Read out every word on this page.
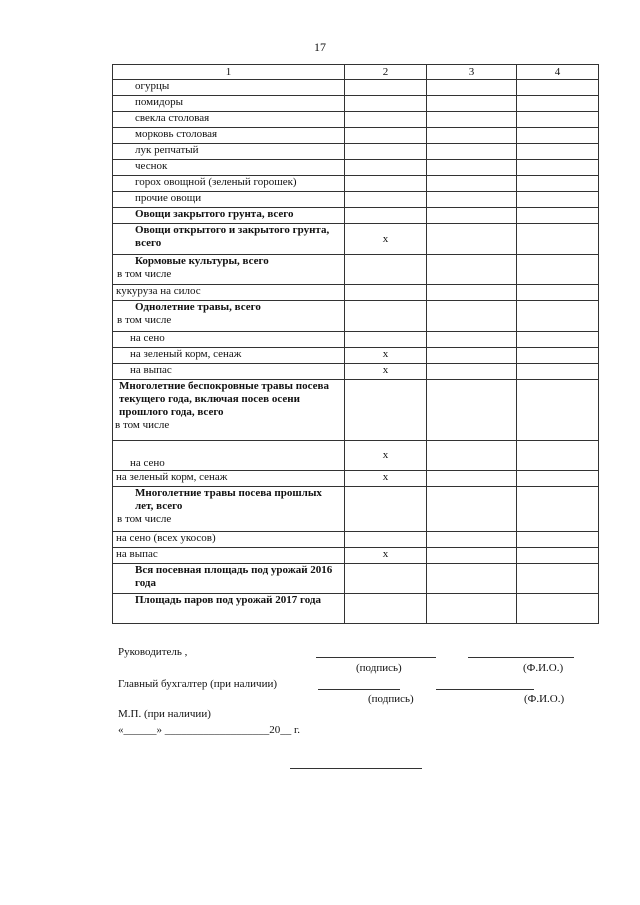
17
1	2	3	4
огурцы			
помидоры			
свекла столовая			
морковь столовая			
лук репчатый			
чеснок			
горох овощной (зеленый горошек)			
прочие овощи			
Овощи закрытого грунта, всего			
Овощи открытого и закрытого грунта, всего	х		
Кормовые культуры, всего
в том числе			
кукуруза на силос			
Однолетние травы, всего
в том числе			
на сено			
на зеленый корм, сенаж	х		
на выпас	х		
Многолетние беспокровные травы посева текущего года, включая посев осени прошлого года, всего
в том числе			
на сено	х		
на зеленый корм, сенаж	х		
Многолетние травы посева прошлых лет, всего
в том числе			
на сено (всех укосов)			
на выпас	х		
Вся посевная площадь под урожай 2016 года			
Площадь паров под урожай 2017 года			
Руководитель ,
(подпись)	(Ф.И.О.)
Главный бухгалтер (при наличии)
(подпись)	(Ф.И.О.)
М.П. (при наличии)
«______» ___________________20__ г.
